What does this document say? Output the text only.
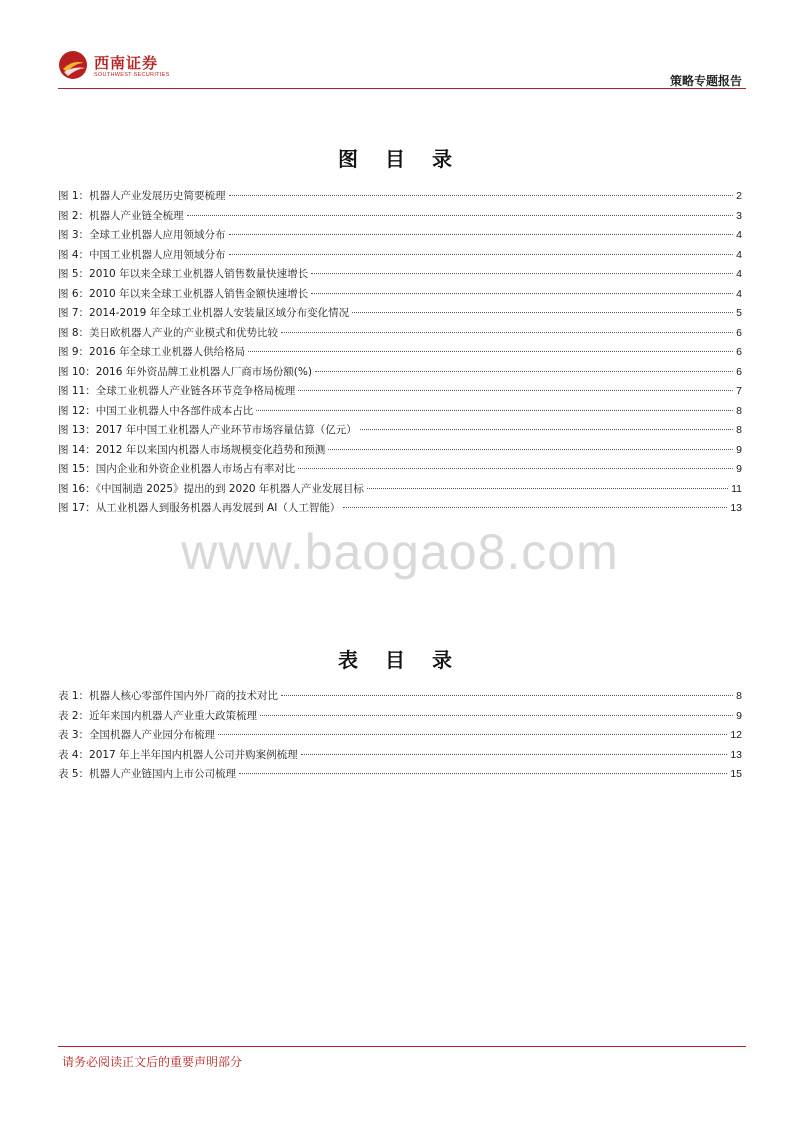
西南证券
SOUTHWEST SECURITIES	策略专题报告
图 目 录
图 1：机器人产业发展历史简要梳理	2
图 2：机器人产业链全梳理	3
图 3：全球工业机器人应用领域分布	4
图 4：中国工业机器人应用领域分布	4
图 5：2010 年以来全球工业机器人销售数量快速增长	4
图 6：2010 年以来全球工业机器人销售金额快速增长	4
图 7：2014-2019 年全球工业机器人安装量区域分布变化情况	5
图 8：美日欧机器人产业的产业模式和优势比较	6
图 9：2016 年全球工业机器人供给格局	6
图 10：2016 年外资品牌工业机器人厂商市场份额(%)	6
图 11：全球工业机器人产业链各环节竞争格局梳理	7
图 12：中国工业机器人中各部件成本占比	8
图 13：2017 年中国工业机器人产业环节市场容量估算（亿元）	8
图 14：2012 年以来国内机器人市场规模变化趋势和预测	9
图 15：国内企业和外资企业机器人市场占有率对比	9
图 16：《中国制造 2025》提出的到 2020 年机器人产业发展目标	11
图 17：从工业机器人到服务机器人再发展到 AI（人工智能）	13
www.baogao8.com
表 目 录
表 1：机器人核心零部件国内外厂商的技术对比	8
表 2：近年来国内机器人产业重大政策梳理	9
表 3：全国机器人产业园分布梳理	12
表 4：2017 年上半年国内机器人公司并购案例梳理	13
表 5：机器人产业链国内上市公司梳理	15
请务必阅读正文后的重要声明部分
